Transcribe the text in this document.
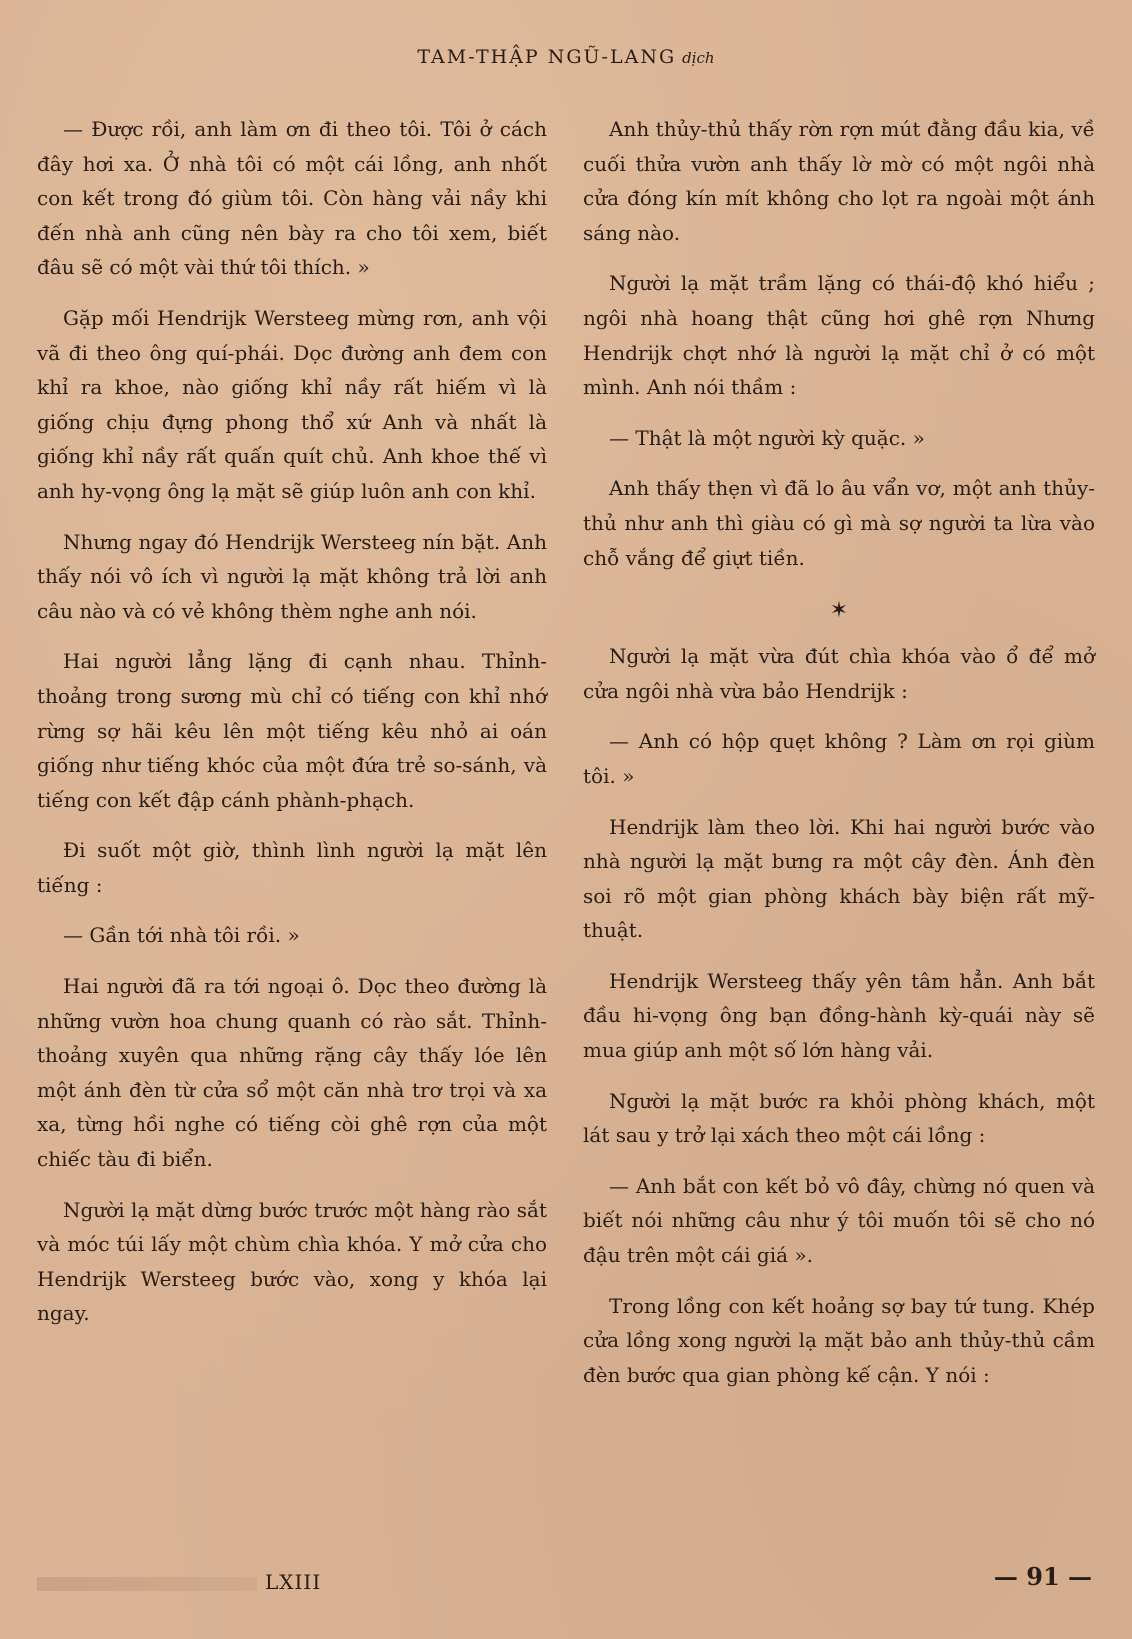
TAM-THẬP NGŨ-LANG dịch

— Được rồi, anh làm ơn đi theo tôi. Tôi ở cách đây hơi xa. Ở nhà tôi có một cái lồng, anh nhốt con kết trong đó giùm tôi. Còn hàng vải nầy khi đến nhà anh cũng nên bày ra cho tôi xem, biết đâu sẽ có một vài thứ tôi thích. »

Gặp mối Hendrijk Wersteeg mừng rơn, anh vội vã đi theo ông quí-phái. Dọc đường anh đem con khỉ ra khoe, nào giống khỉ nầy rất hiếm vì là giống chịu đựng phong thổ xứ Anh và nhất là giống khỉ nầy rất quấn quít chủ. Anh khoe thế vì anh hy-vọng ông lạ mặt sẽ giúp luôn anh con khỉ.

Nhưng ngay đó Hendrijk Wersteeg nín bặt. Anh thấy nói vô ích vì người lạ mặt không trả lời anh câu nào và có vẻ không thèm nghe anh nói.

Hai người lẳng lặng đi cạnh nhau. Thỉnh-thoảng trong sương mù chỉ có tiếng con khỉ nhớ rừng sợ hãi kêu lên một tiếng kêu nhỏ ai oán giống như tiếng khóc của một đứa trẻ so-sánh, và tiếng con kết đập cánh phành-phạch.

Đi suốt một giờ, thình lình người lạ mặt lên tiếng :

— Gần tới nhà tôi rồi. »

Hai người đã ra tới ngoại ô. Dọc theo đường là những vườn hoa chung quanh có rào sắt. Thỉnh-thoảng xuyên qua những rặng cây thấy lóe lên một ánh đèn từ cửa sổ một căn nhà trơ trọi và xa xa, từng hồi nghe có tiếng còi ghê rợn của một chiếc tàu đi biển.

Người lạ mặt dừng bước trước một hàng rào sắt và móc túi lấy một chùm chìa khóa. Y mở cửa cho Hendrijk Wersteeg bước vào, xong y khóa lại ngay.

Anh thủy-thủ thấy rờn rợn mút đằng đầu kia, về cuối thửa vườn anh thấy lờ mờ có một ngôi nhà cửa đóng kín mít không cho lọt ra ngoài một ánh sáng nào.

Người lạ mặt trầm lặng có thái-độ khó hiểu ; ngôi nhà hoang thật cũng hơi ghê rợn Nhưng Hendrijk chợt nhớ là người lạ mặt chỉ ở có một mình. Anh nói thầm :

— Thật là một người kỳ quặc. »

Anh thấy thẹn vì đã lo âu vẩn vơ, một anh thủy-thủ như anh thì giàu có gì mà sợ người ta lừa vào chỗ vắng để giựt tiền.

✶

Người lạ mặt vừa đút chìa khóa vào ổ để mở cửa ngôi nhà vừa bảo Hendrijk :

— Anh có hộp quẹt không ? Làm ơn rọi giùm tôi. »

Hendrijk làm theo lời. Khi hai người bước vào nhà người lạ mặt bưng ra một cây đèn. Ánh đèn soi rõ một gian phòng khách bày biện rất mỹ-thuật.

Hendrijk Wersteeg thấy yên tâm hẳn. Anh bắt đầu hi-vọng ông bạn đồng-hành kỳ-quái này sẽ mua giúp anh một số lớn hàng vải.

Người lạ mặt bước ra khỏi phòng khách, một lát sau y trở lại xách theo một cái lồng :

— Anh bắt con kết bỏ vô đây, chừng nó quen và biết nói những câu như ý tôi muốn tôi sẽ cho nó đậu trên một cái giá ».

Trong lồng con kết hoảng sợ bay tứ tung. Khép cửa lồng xong người lạ mặt bảo anh thủy-thủ cầm đèn bước qua gian phòng kế cận. Y nói :

LXIII	— 91 —
